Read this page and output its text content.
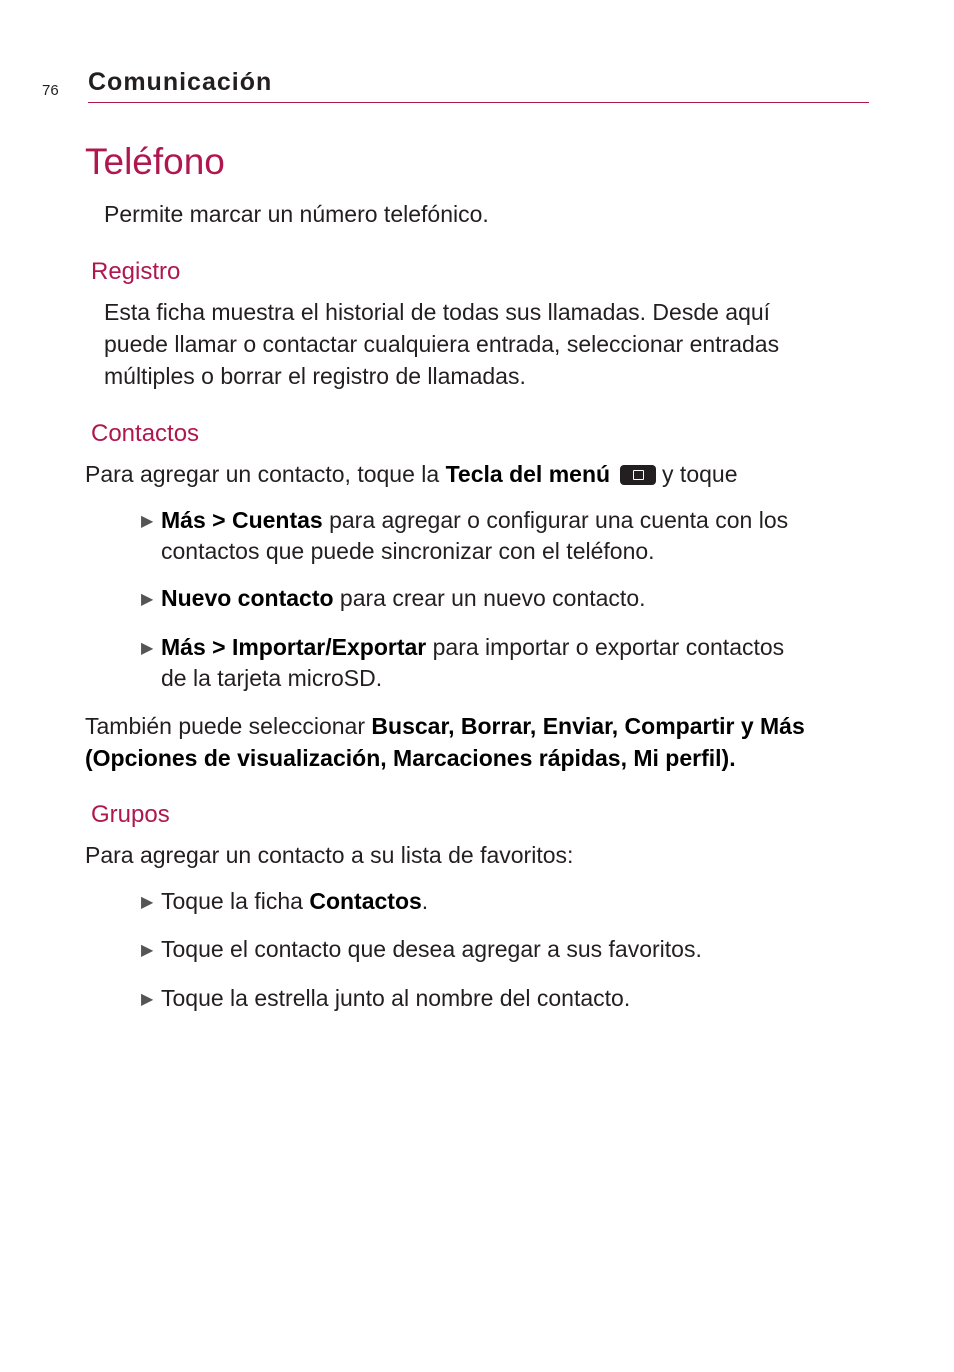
76 Comunicación
Teléfono

Permite marcar un número telefónico.

Registro

Esta ficha muestra el historial de todas sus llamadas. Desde aquí
puede llamar o contactar cualquiera entrada, seleccionar entradas
múltiples o borrar el registro de llamadas.

Contactos

Para agregar un contacto, toque la Tecla del menú y toque

▶ Más > Cuentas para agregar o configurar una cuenta con los
contactos que puede sincronizar con el teléfono.
▶ Nuevo contacto para crear un nuevo contacto.
▶ Más > Importar/Exportar para importar o exportar contactos
de la tarjeta microSD.

También puede seleccionar Buscar, Borrar, Enviar, Compartir y Más
(Opciones de visualización, Marcaciones rápidas, Mi perfil).

Grupos

Para agregar un contacto a su lista de favoritos:

▶ Toque la ficha Contactos.
▶ Toque el contacto que desea agregar a sus favoritos.
▶ Toque la estrella junto al nombre del contacto.
